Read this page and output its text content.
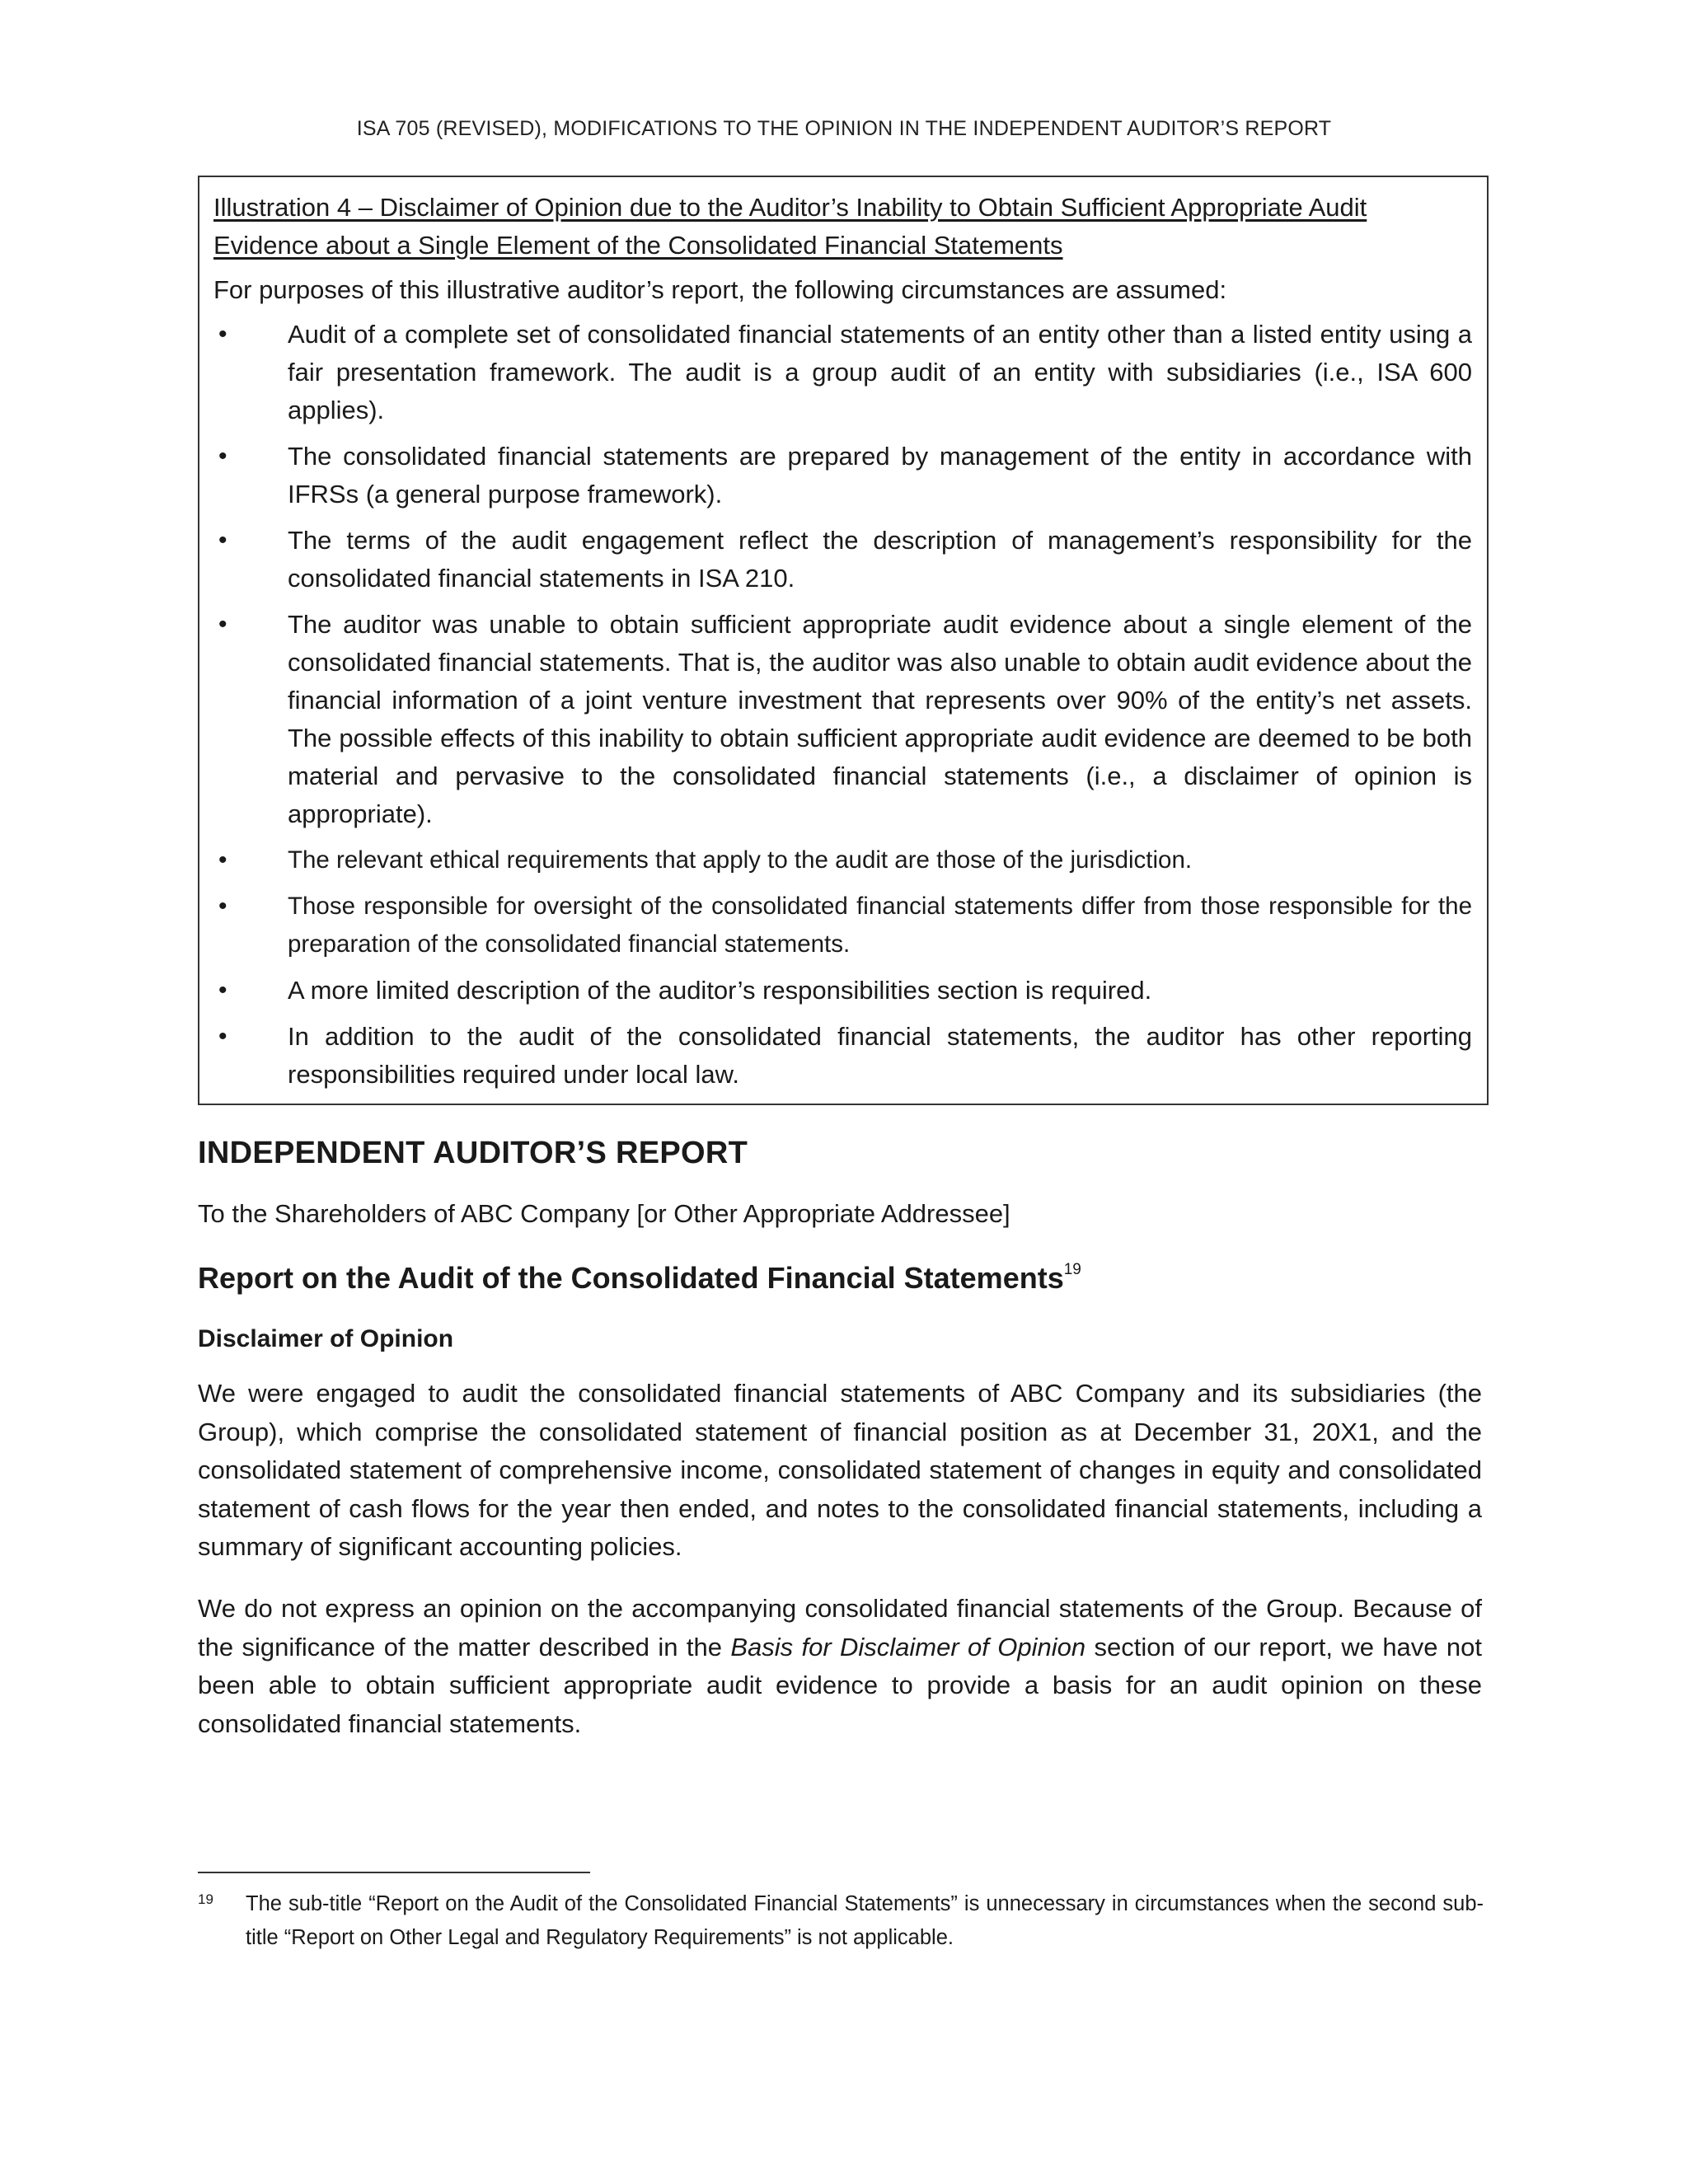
ISA 705 (REVISED), MODIFICATIONS TO THE OPINION IN THE INDEPENDENT AUDITOR’S REPORT

Illustration 4 – Disclaimer of Opinion due to the Auditor’s Inability to Obtain Sufficient Appropriate Audit
Evidence about a Single Element of the Consolidated Financial Statements

For purposes of this illustrative auditor’s report, the following circumstances are assumed:

• Audit of a complete set of consolidated financial statements of an entity other than a listed entity using a fair presentation framework. The audit is a group audit of an entity with subsidiaries (i.e., ISA 600 applies).
• The consolidated financial statements are prepared by management of the entity in accordance with IFRSs (a general purpose framework).
• The terms of the audit engagement reflect the description of management’s responsibility for the consolidated financial statements in ISA 210.
• The auditor was unable to obtain sufficient appropriate audit evidence about a single element of the consolidated financial statements. That is, the auditor was also unable to obtain audit evidence about the financial information of a joint venture investment that represents over 90% of the entity’s net assets. The possible effects of this inability to obtain sufficient appropriate audit evidence are deemed to be both material and pervasive to the consolidated financial statements (i.e., a disclaimer of opinion is appropriate).
• The relevant ethical requirements that apply to the audit are those of the jurisdiction.
• Those responsible for oversight of the consolidated financial statements differ from those responsible for the preparation of the consolidated financial statements.
• A more limited description of the auditor’s responsibilities section is required.
• In addition to the audit of the consolidated financial statements, the auditor has other reporting responsibilities required under local law.
INDEPENDENT AUDITOR’S REPORT

To the Shareholders of ABC Company [or Other Appropriate Addressee]

Report on the Audit of the Consolidated Financial Statements$^{19}$
Disclaimer of Opinion

We were engaged to audit the consolidated financial statements of ABC Company and its subsidiaries (the Group), which comprise the consolidated statement of financial position as at December 31, 20X1, and the consolidated statement of comprehensive income, consolidated statement of changes in equity and consolidated statement of cash flows for the year then ended, and notes to the consolidated financial statements, including a summary of significant accounting policies.

We do not express an opinion on the accompanying consolidated financial statements of the Group. Because of the significance of the matter described in the Basis for Disclaimer of Opinion section of our report, we have not been able to obtain sufficient appropriate audit evidence to provide a basis for an audit opinion on these consolidated financial statements.

19	The sub-title “Report on the Audit of the Consolidated Financial Statements” is unnecessary in circumstances when the second sub-title “Report on Other Legal and Regulatory Requirements” is not applicable.
